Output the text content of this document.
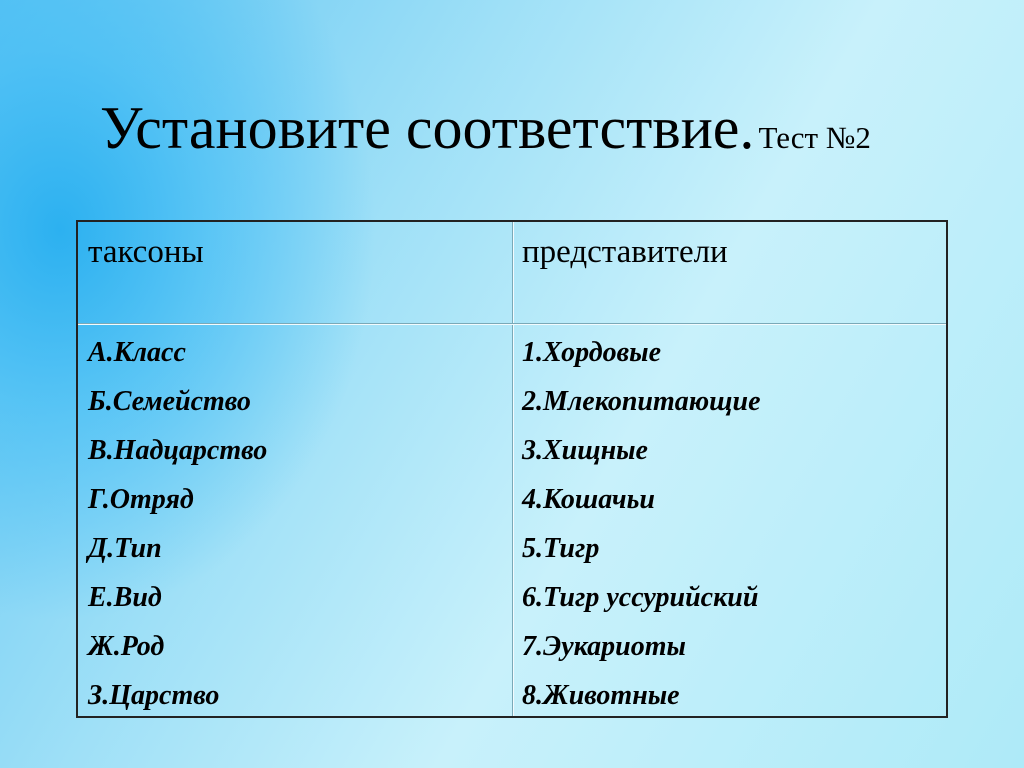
Установите соответствие. Тест №2
таксоны	представители
А.Класс
Б.Семейство
В.Надцарство
Г.Отряд
Д.Тип
Е.Вид
Ж.Род
З.Царство
1.Хордовые
2.Млекопитающие
3.Хищные
4.Кошачьи
5.Тигр
6.Тигр уссурийский
7.Эукариоты
8.Животные
